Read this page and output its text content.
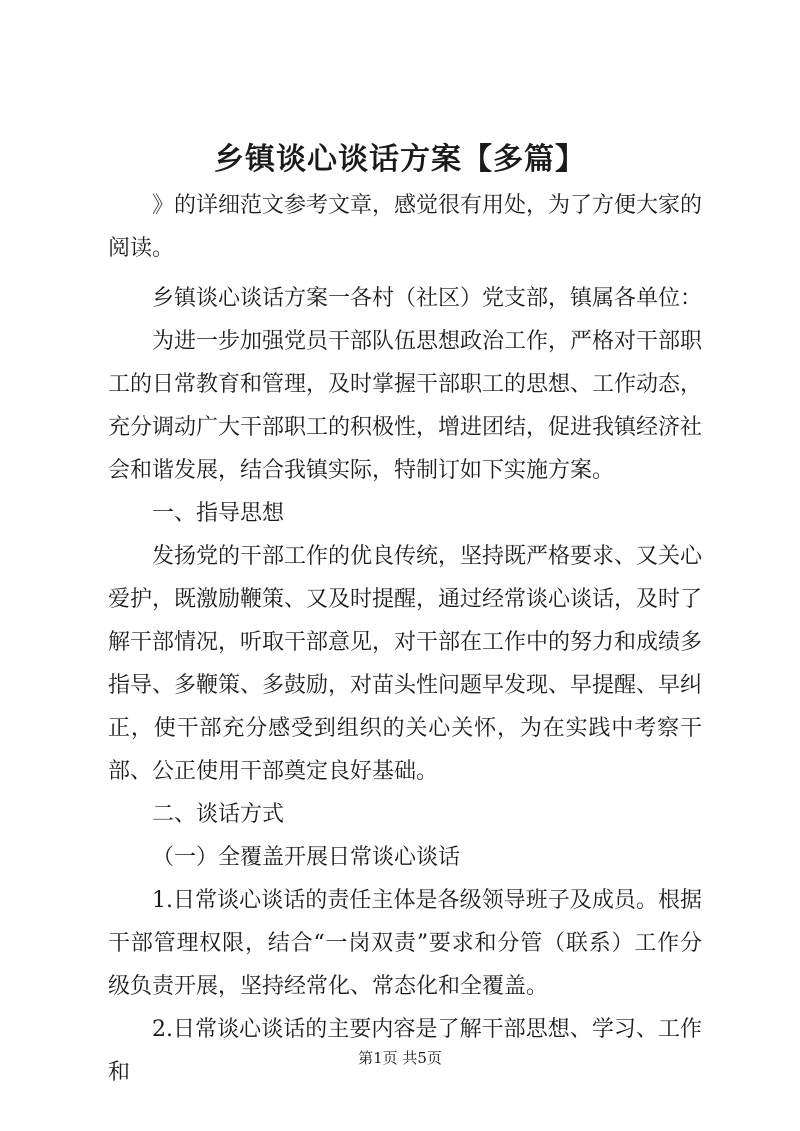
乡镇谈心谈话方案【多篇】

》的详细范文参考文章，感觉很有用处，为了方便大家的阅读。

乡镇谈心谈话方案一各村（社区）党支部，镇属各单位：

为进一步加强党员干部队伍思想政治工作，严格对干部职工的日常教育和管理，及时掌握干部职工的思想、工作动态，充分调动广大干部职工的积极性，增进团结，促进我镇经济社会和谐发展，结合我镇实际，特制订如下实施方案。

一、指导思想

发扬党的干部工作的优良传统，坚持既严格要求、又关心爱护，既激励鞭策、又及时提醒，通过经常谈心谈话，及时了解干部情况，听取干部意见，对干部在工作中的努力和成绩多指导、多鞭策、多鼓励，对苗头性问题早发现、早提醒、早纠正，使干部充分感受到组织的关心关怀，为在实践中考察干部、公正使用干部奠定良好基础。

二、谈话方式

（一）全覆盖开展日常谈心谈话

1.日常谈心谈话的责任主体是各级领导班子及成员。根据干部管理权限，结合“一岗双责”要求和分管（联系）工作分级负责开展，坚持经常化、常态化和全覆盖。

2.日常谈心谈话的主要内容是了解干部思想、学习、工作和

第1页 共5页
